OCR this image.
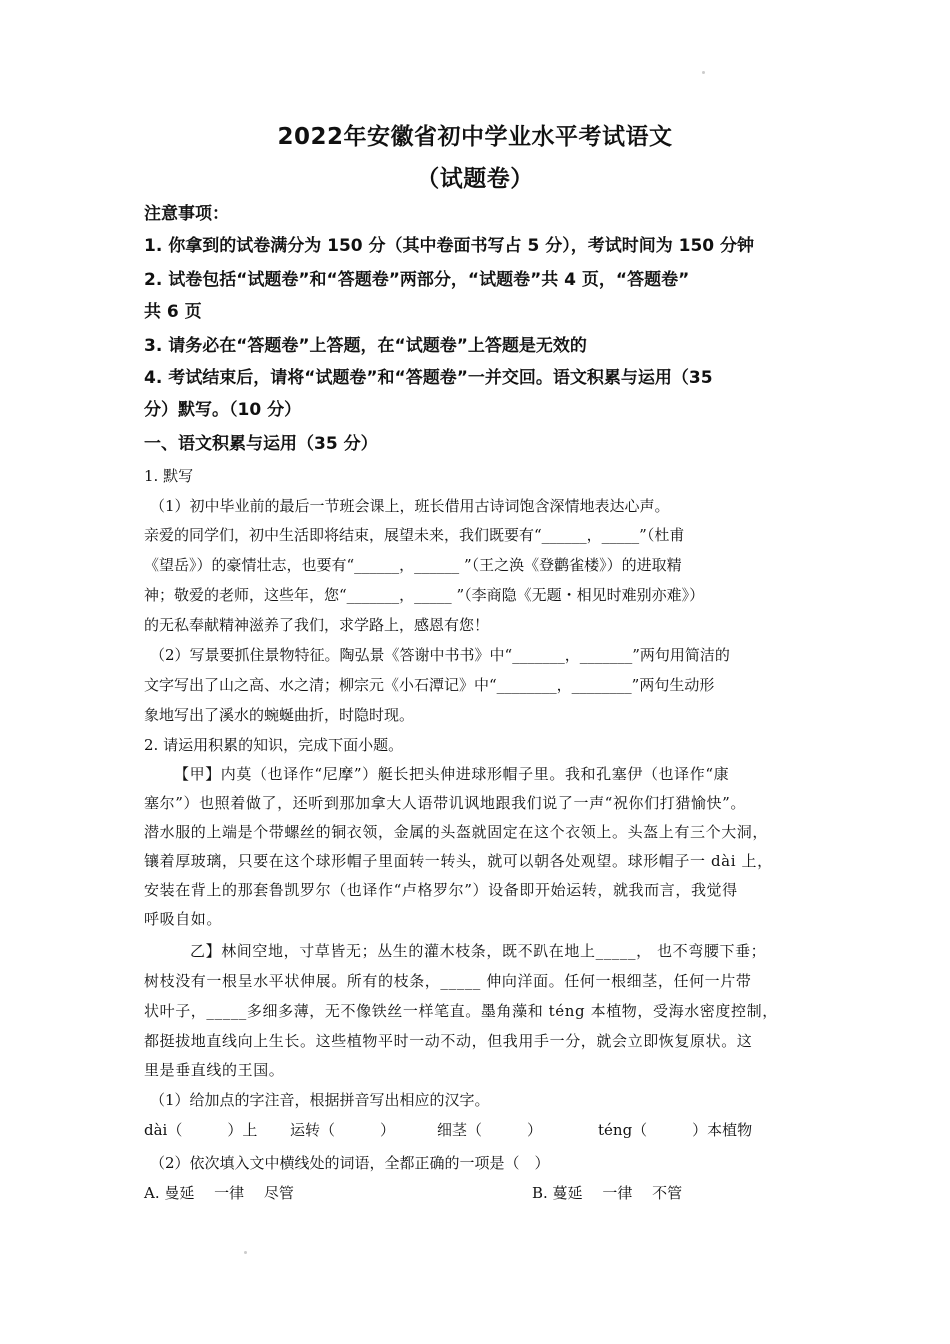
2022年安徽省初中学业水平考试语文
（试题卷）
注意事项：
1. 你拿到的试卷满分为 150 分（其中卷面书写占 5 分），考试时间为 150 分钟
2. 试卷包括“试题卷”和“答题卷”两部分，“试题卷”共 4 页，“答题卷”
共 6 页
3. 请务必在“答题卷”上答题，在“试题卷”上答题是无效的
4. 考试结束后，请将“试题卷”和“答题卷”一并交回。语文积累与运用（35
分）默写。（10 分）
一、语文积累与运用（35 分）
1. 默写
（1）初中毕业前的最后一节班会课上，班长借用古诗词饱含深情地表达心声。
亲爱的同学们，初中生活即将结束，展望未来，我们既要有“______，_____”（杜甫
《望岳》）的豪情壮志，也要有“______，______ ”（王之涣《登鹳雀楼》）的进取精
神；敬爱的老师，这些年，您“_______，_____ ”（李商隐《无题・相见时难别亦难》）
的无私奉献精神滋养了我们，求学路上，感恩有您！
（2）写景要抓住景物特征。陶弘景《答谢中书书》中“_______，_______”两句用简洁的
文字写出了山之高、水之清；柳宗元《小石潭记》中“________，________”两句生动形
象地写出了溪水的蜿蜒曲折，时隐时现。
2. 请运用积累的知识，完成下面小题。
【甲】内莫（也译作“尼摩”）艇长把头伸进球形帽子里。我和孔塞伊（也译作“康
塞尔”）也照着做了，还听到那加拿大人语带讥讽地跟我们说了一声“祝你们打猎愉快”。
潜水服的上端是个带螺丝的铜衣领，金属的头盔就固定在这个衣领上。头盔上有三个大洞，
镶着厚玻璃，只要在这个球形帽子里面转一转头，就可以朝各处观望。球形帽子一 dài 上，
安装在背上的那套鲁凯罗尔（也译作“卢格罗尔”）设备即开始运转，就我而言，我觉得
呼吸自如。
乙】林间空地，寸草皆无；丛生的灌木枝条，既不趴在地上_____， 也不弯腰下垂；
树枝没有一根呈水平状伸展。所有的枝条，_____ 伸向洋面。任何一根细茎，任何一片带
状叶子，_____多细多薄，无不像铁丝一样笔直。墨角藻和 téng 本植物，受海水密度控制，
都挺拔地直线向上生长。这些植物平时一动不动，但我用手一分，就会立即恢复原状。这
里是垂直线的王国。
（1）给加点的字注音，根据拼音写出相应的汉字。
dài（　　　）上 运转（　　　）	细茎（　　　）	téng（　　　）本植物
（2）依次填入文中横线处的词语，全都正确的一项是（　）
A. 曼延　 一律　 尽管	B. 蔓延　 一律　 不管
